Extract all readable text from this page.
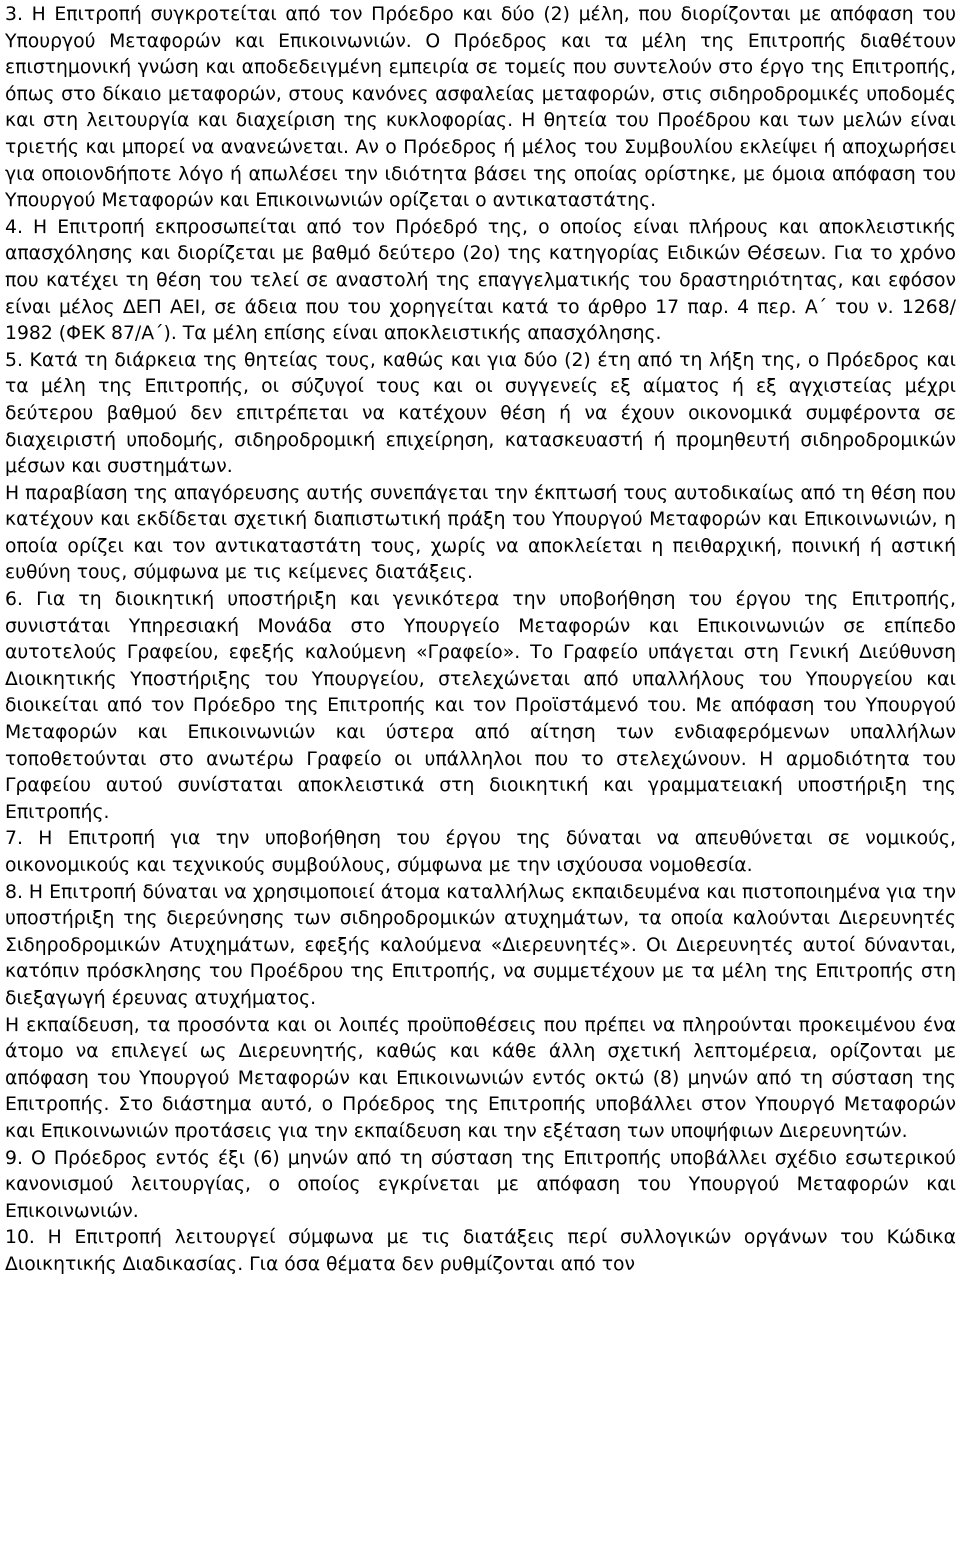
3. Η Επιτροπή συγκροτείται από τον Πρόεδρο και δύο (2) μέλη, που διορίζονται με απόφαση του Υπουργού Μεταφορών και Επικοινωνιών. Ο Πρόεδρος και τα μέλη της Επιτροπής διαθέτουν επιστημονική γνώση και αποδεδειγμένη εμπειρία σε τομείς που συντελούν στο έργο της Επιτροπής, όπως στο δίκαιο μεταφορών, στους κανόνες ασφαλείας μεταφορών, στις σιδηροδρομικές υποδομές και στη λειτουργία και διαχείριση της κυκλοφορίας. Η θητεία του Προέδρου και των μελών είναι τριετής και μπορεί να ανανεώνεται. Αν ο Πρόεδρος ή μέλος του Συμβουλίου εκλείψει ή αποχωρήσει για οποιονδήποτε λόγο ή απωλέσει την ιδιότητα βάσει της οποίας ορίστηκε, με όμοια απόφαση του Υπουργού Μεταφορών και Επικοινωνιών ορίζεται ο αντικαταστάτης.

4. Η Επιτροπή εκπροσωπείται από τον Πρόεδρό της, ο οποίος είναι πλήρους και αποκλειστικής απασχόλησης και διορίζεται με βαθμό δεύτερο (2ο) της κατηγορίας Ειδικών Θέσεων. Για το χρόνο που κατέχει τη θέση του τελεί σε αναστολή της επαγγελματικής του δραστηριότητας, και εφόσον είναι μέλος ΔΕΠ ΑΕΙ, σε άδεια που του χορηγείται κατά το άρθρο 17 παρ. 4 περ. Α΄ του ν. 1268/ 1982 (ΦΕΚ 87/Α΄). Τα μέλη επίσης είναι αποκλειστικής απασχόλησης.

5. Κατά τη διάρκεια της θητείας τους, καθώς και για δύο (2) έτη από τη λήξη της, ο Πρόεδρος και τα μέλη της Επιτροπής, οι σύζυγοί τους και οι συγγενείς εξ αίματος ή εξ αγχιστείας μέχρι δεύτερου βαθμού δεν επιτρέπεται να κατέχουν θέση ή να έχουν οικονομικά συμφέροντα σε διαχειριστή υποδομής, σιδηροδρομική επιχείρηση, κατασκευαστή ή προμηθευτή σιδηροδρομικών μέσων και συστημάτων.

Η παραβίαση της απαγόρευσης αυτής συνεπάγεται την έκπτωσή τους αυτοδικαίως από τη θέση που κατέχουν και εκδίδεται σχετική διαπιστωτική πράξη του Υπουργού Μεταφορών και Επικοινωνιών, η οποία ορίζει και τον αντικαταστάτη τους, χωρίς να αποκλείεται η πειθαρχική, ποινική ή αστική ευθύνη τους, σύμφωνα με τις κείμενες διατάξεις.

6. Για τη διοικητική υποστήριξη και γενικότερα την υποβοήθηση του έργου της Επιτροπής, συνιστάται Υπηρεσιακή Μονάδα στο Υπουργείο Μεταφορών και Επικοινωνιών σε επίπεδο αυτοτελούς Γραφείου, εφεξής καλούμενη «Γραφείο». Το Γραφείο υπάγεται στη Γενική Διεύθυνση Διοικητικής Υποστήριξης του Υπουργείου, στελεχώνεται από υπαλλήλους του Υπουργείου και διοικείται από τον Πρόεδρο της Επιτροπής και τον Προϊστάμενό του. Με απόφαση του Υπουργού Μεταφορών και Επικοινωνιών και ύστερα από αίτηση των ενδιαφερόμενων υπαλλήλων τοποθετούνται στο ανωτέρω Γραφείο οι υπάλληλοι που το στελεχώνουν. Η αρμοδιότητα του Γραφείου αυτού συνίσταται αποκλειστικά στη διοικητική και γραμματειακή υποστήριξη της Επιτροπής.

7. Η Επιτροπή για την υποβοήθηση του έργου της δύναται να απευθύνεται σε νομικούς, οικονομικούς και τεχνικούς συμβούλους, σύμφωνα με την ισχύουσα νομοθεσία.

8. Η Επιτροπή δύναται να χρησιμοποιεί άτομα καταλλήλως εκπαιδευμένα και πιστοποιημένα για την υποστήριξη της διερεύνησης των σιδηροδρομικών ατυχημάτων, τα οποία καλούνται Διερευνητές Σιδηροδρομικών Ατυχημάτων, εφεξής καλούμενα «Διερευνητές». Οι Διερευνητές αυτοί δύνανται, κατόπιν πρόσκλησης του Προέδρου της Επιτροπής, να συμμετέχουν με τα μέλη της Επιτροπής στη διεξαγωγή έρευνας ατυχήματος.

Η εκπαίδευση, τα προσόντα και οι λοιπές προϋποθέσεις που πρέπει να πληρούνται προκειμένου ένα άτομο να επιλεγεί ως Διερευνητής, καθώς και κάθε άλλη σχετική λεπτομέρεια, ορίζονται με απόφαση του Υπουργού Μεταφορών και Επικοινωνιών εντός οκτώ (8) μηνών από τη σύσταση της Επιτροπής. Στο διάστημα αυτό, ο Πρόεδρος της Επιτροπής υποβάλλει στον Υπουργό Μεταφορών και Επικοινωνιών προτάσεις για την εκπαίδευση και την εξέταση των υποψήφιων Διερευνητών.

9. Ο Πρόεδρος εντός έξι (6) μηνών από τη σύσταση της Επιτροπής υποβάλλει σχέδιο εσωτερικού κανονισμού λειτουργίας, ο οποίος εγκρίνεται με απόφαση του Υπουργού Μεταφορών και Επικοινωνιών.

10. Η Επιτροπή λειτουργεί σύμφωνα με τις διατάξεις περί συλλογικών οργάνων του Κώδικα Διοικητικής Διαδικασίας. Για όσα θέματα δεν ρυθμίζονται από τον
